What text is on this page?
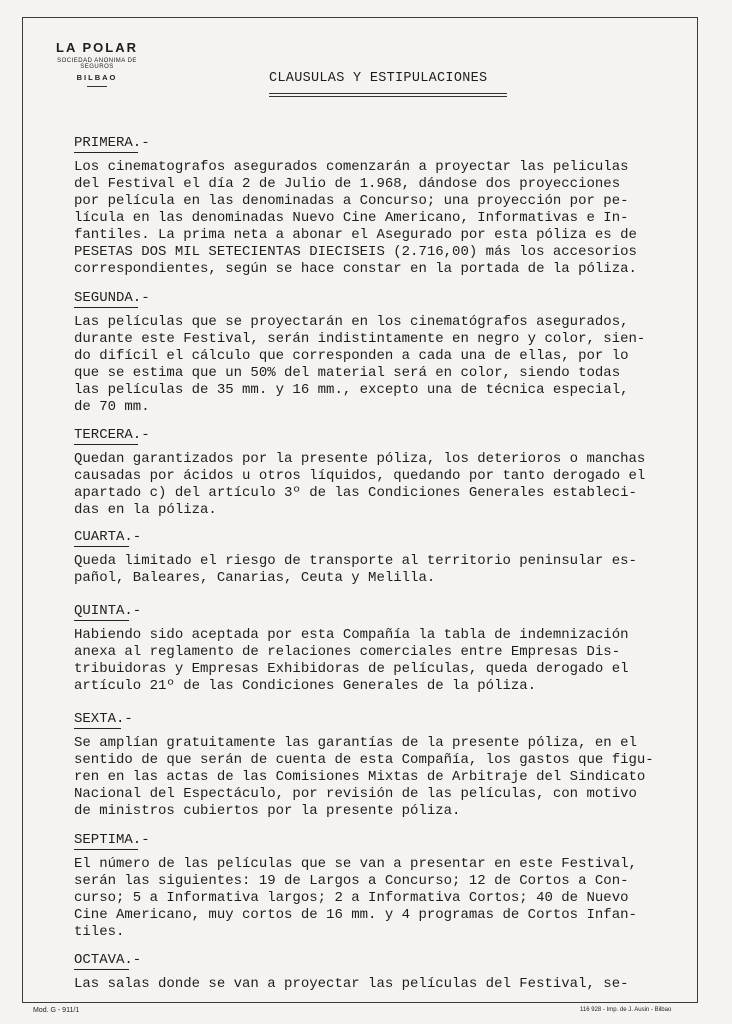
LA POLAR
SOCIEDAD ANONIMA DE SEGUROS
BILBAO	CLAUSULAS Y ESTIPULACIONES
PRIMERA.-

Los cinematografos asegurados comenzarán a proyectar las peliculas
del Festival el día 2 de Julio de 1.968, dándose dos proyecciones
por película en las denominadas a Concurso; una proyección por pe-
lícula en las denominadas Nuevo Cine Americano, Informativas e In-
fantiles. La prima neta a abonar el Asegurado por esta póliza es de
PESETAS DOS MIL SETECIENTAS DIECISEIS (2.716,00) más los accesorios
correspondientes, según se hace constar en la portada de la póliza.

SEGUNDA.-

Las películas que se proyectarán en los cinematógrafos asegurados,
durante este Festival, serán indistintamente en negro y color, sien-
do difícil el cálculo que corresponden a cada una de ellas, por lo
que se estima que un 50% del material será en color, siendo todas
las películas de 35 mm. y 16 mm., excepto una de técnica especial,
de 70 mm.

TERCERA.-

Quedan garantizados por la presente póliza, los deterioros o manchas
causadas por ácidos u otros líquidos, quedando por tanto derogado el
apartado c) del artículo 3º de las Condiciones Generales estableci-
das en la póliza.

CUARTA.-

Queda limitado el riesgo de transporte al territorio peninsular es-
pañol, Baleares, Canarias, Ceuta y Melilla.

QUINTA.-

Habiendo sido aceptada por esta Compañía la tabla de indemnización
anexa al reglamento de relaciones comerciales entre Empresas Dis-
tribuidoras y Empresas Exhibidoras de películas, queda derogado el
artículo 21º de las Condiciones Generales de la póliza.

SEXTA.-

Se amplían gratuitamente las garantías de la presente póliza, en el
sentido de que serán de cuenta de esta Compañía, los gastos que figu-
ren en las actas de las Comisiones Mixtas de Arbitraje del Sindicato
Nacional del Espectáculo, por revisión de las películas, con motivo
de ministros cubiertos por la presente póliza.

SEPTIMA.-

El número de las películas que se van a presentar en este Festival,
serán las siguientes: 19 de Largos a Concurso; 12 de Cortos a Con-
curso; 5 a Informativa largos; 2 a Informativa Cortos; 40 de Nuevo
Cine Americano, muy cortos de 16 mm. y 4 programas de Cortos Infan-
tiles.

OCTAVA.-

Las salas donde se van a proyectar las películas del Festival, se-

Mod. G - 911/1	116 928 - Imp. de J. Ausin - Bilbao
